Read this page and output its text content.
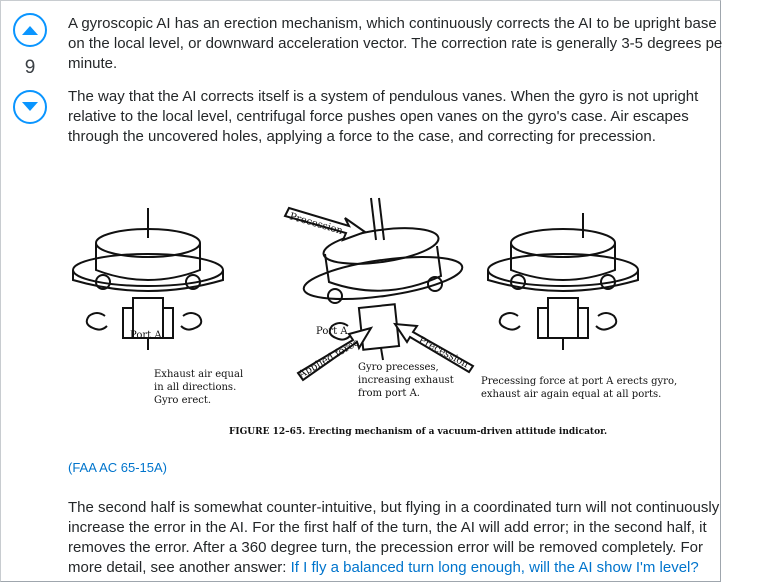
9

A gyroscopic AI has an erection mechanism, which continuously corrects the AI to be upright base
on the local level, or downward acceleration vector. The correction rate is generally 3-5 degrees pe
minute.

The way that the AI corrects itself is a system of pendulous vanes. When the gyro is not upright
relative to the local level, centrifugal force pushes open vanes on the gyro's case. Air escapes
through the uncovered holes, applying a force to the case, and correcting for precession.

The second half is somewhat counter-intuitive, but flying in a coordinated turn will not continuously
increase the error in the AI. For the first half of the turn, the AI will add error; in the second half, it
removes the error. After a 360 degree turn, the precession error will be removed completely. For
more detail, see another answer: If I fly a balanced turn long enough, will the AI show I'm level?

Precession
Port A	Port A
Applied force	Precession
Exhaust air equal
in all directions.
Gyro erect.
Gyro precesses,
increasing exhaust
from port A.
Precessing force at port A erects gyro,
exhaust air again equal at all ports.
FIGURE 12–65. Erecting mechanism of a vacuum-driven attitude indicator.
(FAA AC 65-15A)
